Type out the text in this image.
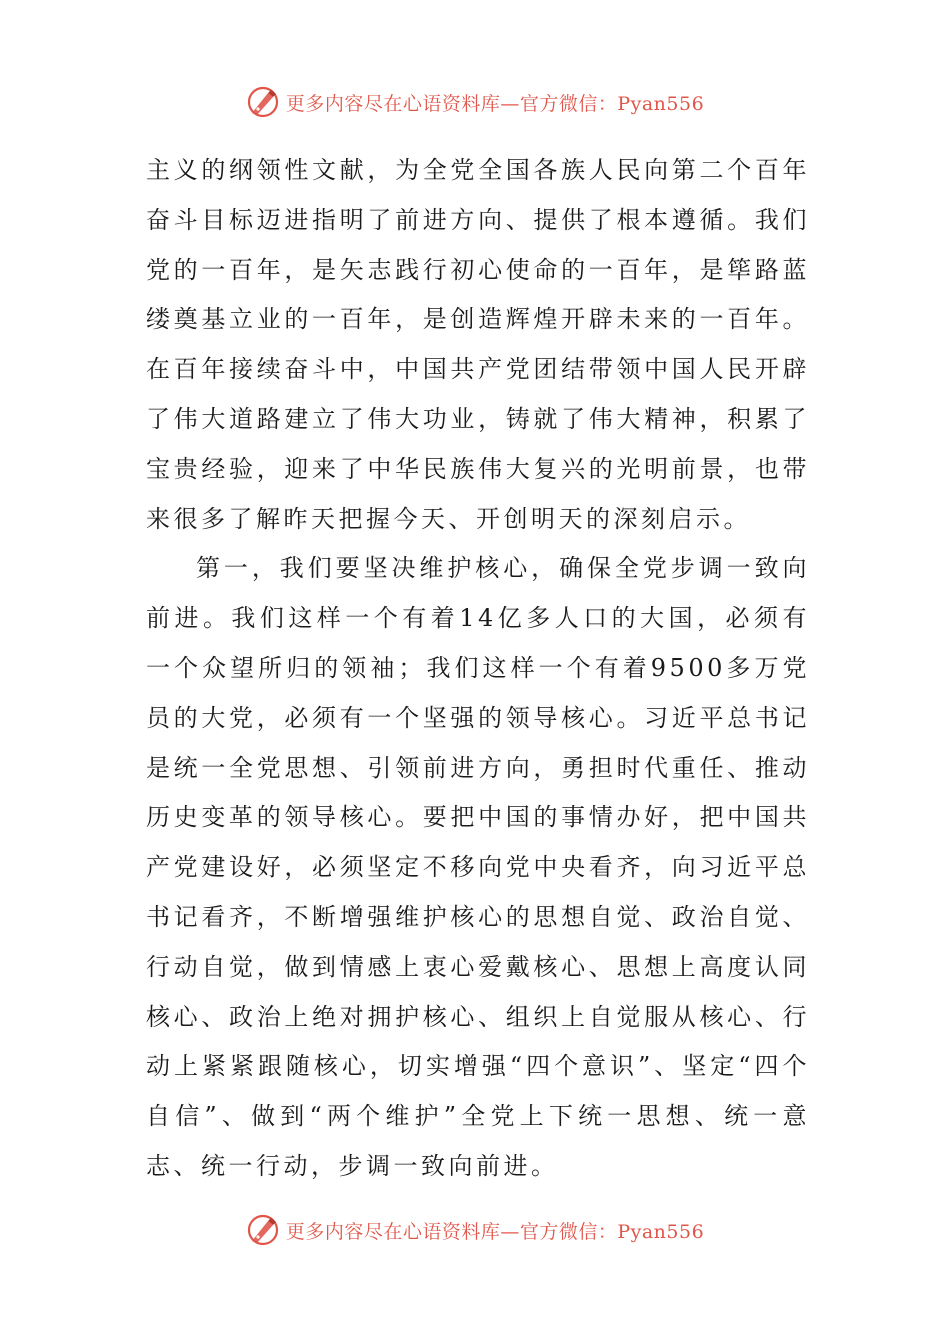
更多内容尽在心语资料库—官方微信：Pyan556

主义的纲领性文献，为全党全国各族人民向第二个百年奋斗目标迈进指明了前进方向、提供了根本遵循。我们党的一百年，是矢志践行初心使命的一百年，是筚路蓝缕奠基立业的一百年，是创造辉煌开辟未来的一百年。在百年接续奋斗中，中国共产党团结带领中国人民开辟了伟大道路建立了伟大功业，铸就了伟大精神，积累了宝贵经验，迎来了中华民族伟大复兴的光明前景，也带来很多了解昨天把握今天、开创明天的深刻启示。

第一，我们要坚决维护核心，确保全党步调一致向前进。我们这样一个有着14亿多人口的大国，必须有一个众望所归的领袖；我们这样一个有着9500多万党员的大党，必须有一个坚强的领导核心。习近平总书记是统一全党思想、引领前进方向，勇担时代重任、推动历史变革的领导核心。要把中国的事情办好，把中国共产党建设好，必须坚定不移向党中央看齐，向习近平总书记看齐，不断增强维护核心的思想自觉、政治自觉、行动自觉，做到情感上衷心爱戴核心、思想上高度认同核心、政治上绝对拥护核心、组织上自觉服从核心、行动上紧紧跟随核心，切实增强“四个意识”、坚定“四个自信”、做到“两个维护”全党上下统一思想、统一意志、统一行动，步调一致向前进。

更多内容尽在心语资料库—官方微信：Pyan556
